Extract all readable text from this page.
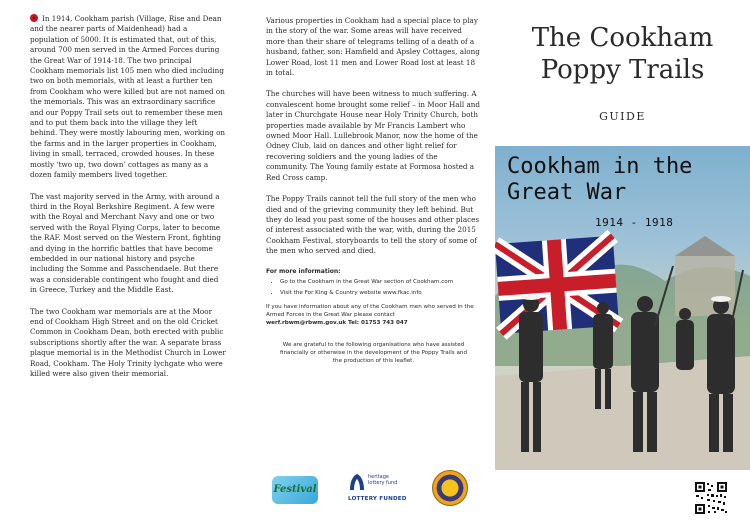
In 1914, Cookham parish (Village, Rise and Dean and the nearer parts of Maidenhead) had a population of 5000. It is estimated that, out of this, around 700 men served in the Armed Forces during the Great War of 1914-18. The two principal Cookham memorials list 105 men who died including two on both memorials, with at least a further ten from Cookham who were killed but are not named on the memorials. This was an extraordinary sacrifice and our Poppy Trail sets out to remember these men and to put them back into the village they left behind. They were mostly labouring men, working on the farms and in the larger properties in Cookham, living in small, terraced, crowded houses. In these mostly ‘two up, two down’ cottages as many as a dozen family members lived together.

The vast majority served in the Army, with around a third in the Royal Berkshire Regiment. A few were with the Royal and Merchant Navy and one or two served with the Royal Flying Corps, later to become the RAF. Most served on the Western Front, fighting and dying in the horrific battles that have become embedded in our national history and psyche including the Somme and Passchendaele. But there was a considerable contingent who fought and died in Greece, Turkey and the Middle East.

The two Cookham war memorials are at the Moor end of Cookham High Street and on the old Cricket Common in Cookham Dean, both erected with public subscriptions shortly after the war. A separate brass plaque memorial is in the Methodist Church in Lower Road, Cookham. The Holy Trinity lychgate who were killed were also given their memorial.

Various properties in Cookham had a special place to play in the story of the war. Some areas will have received more than their share of telegrams telling of a death of a husband, father, son: Hamfield and Apsley Cottages, along Lower Road, lost 11 men and Lower Road lost at least 18 in total.

The churches will have been witness to much suffering. A convalescent home brought some relief – in Moor Hall and later in Churchgate House near Holy Trinity Church, both properties made available by Mr Francis Lambert who owned Moor Hall. Lullebrook Manor, now the home of the Odney Club, laid on dances and other light relief for recovering soldiers and the young ladies of the community. The Young family estate at Formosa hosted a Red Cross camp.

The Poppy Trails cannot tell the full story of the men who died and of the grieving community they left behind. But they do lead you past some of the houses and other places of interest associated with the war, with, during the 2015 Cookham Festival, storyboards to tell the story of some of the men who served and died.

For more information:
• Go to the Cookham in the Great War section of Cookham.com
• Visit the For King & Country website www.fkac.info
If you have information about any of the Cookham men who served in the Armed Forces in the Great War please contact
werf.rbwm@rbwm.gov.uk Tel: 01753 743 047
We are grateful to the following organisations who have assisted financially or otherwise in the development of the Poppy Trails and the production of this leaflet.
Festival
heritage
lottery fund
LOTTERY FUNDED
The Cookham
Poppy Trails
GUIDE
Cookham in the
Great War
1914 - 1918
